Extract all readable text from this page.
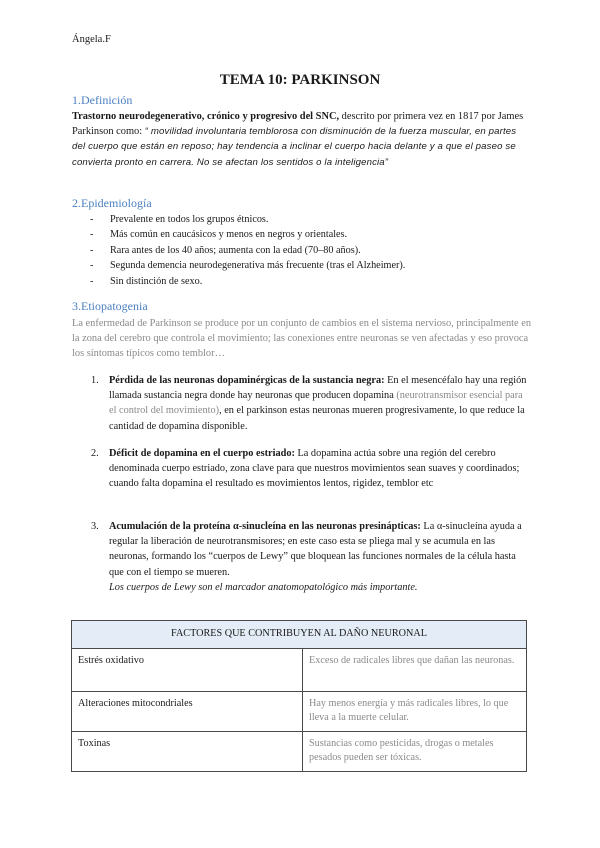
Ángela.F
TEMA 10: PARKINSON
1.Definición
Trastorno neurodegenerativo, crónico y progresivo del SNC, descrito por primera vez en 1817 por James Parkinson como: “ movilidad involuntaria temblorosa con disminución de la fuerza muscular, en partes del cuerpo que están en reposo; hay tendencia a inclinar el cuerpo hacia delante y a que el paseo se convierta pronto en carrera. No se afectan los sentidos o la inteligencia”
2.Epidemiología
- Prevalente en todos los grupos étnicos.
- Más común en caucásicos y menos en negros y orientales.
- Rara antes de los 40 años; aumenta con la edad (70–80 años).
- Segunda demencia neurodegenerativa más frecuente (tras el Alzheimer).
- Sin distinción de sexo.
3.Etiopatogenia
La enfermedad de Parkinson se produce por un conjunto de cambios en el sistema nervioso, principalmente en la zona del cerebro que controla el movimiento; las conexiones entre neuronas se ven afectadas y eso provoca los síntomas típicos como temblor…
1. Pérdida de las neuronas dopaminérgicas de la sustancia negra: En el mesencéfalo hay una región llamada sustancia negra donde hay neuronas que producen dopamina (neurotransmisor esencial para el control del movimiento), en el parkinson estas neuronas mueren progresivamente, lo que reduce la cantidad de dopamina disponible.
2. Déficit de dopamina en el cuerpo estriado: La dopamina actúa sobre una región del cerebro denominada cuerpo estriado, zona clave para que nuestros movimientos sean suaves y coordinados; cuando falta dopamina el resultado es movimientos lentos, rigidez, temblor etc
3. Acumulación de la proteína α-sinucleína en las neuronas presinápticas: La α-sinucleína ayuda a regular la liberación de neurotransmisores; en este caso esta se pliega mal y se acumula en las neuronas, formando los “cuerpos de Lewy” que bloquean las funciones normales de la célula hasta que con el tiempo se mueren.
Los cuerpos de Lewy son el marcador anatomopatológico más importante.
FACTORES QUE CONTRIBUYEN AL DAÑO NEURONAL	
Estrés oxidativo	Exceso de radicales libres que dañan las neuronas.
Alteraciones mitocondriales	Hay menos energía y más radicales libres, lo que lleva a la muerte celular.
Toxinas	Sustancias como pesticidas, drogas o metales pesados pueden ser tóxicas.
